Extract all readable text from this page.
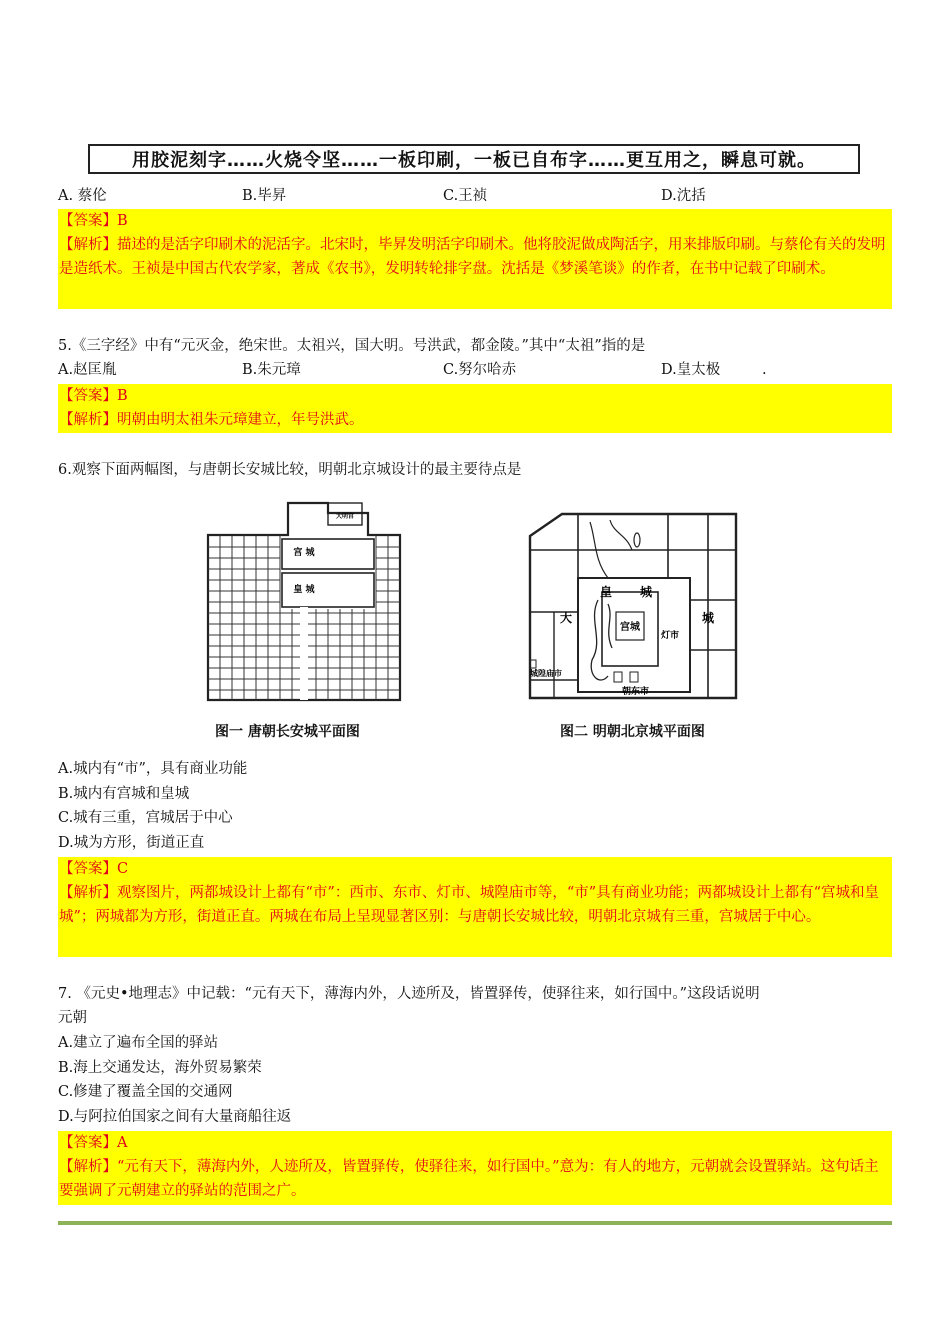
用胶泥刻字……火烧令坚……一板印刷，一板已自布字……更互用之，瞬息可就。
A. 蔡伦	B.毕昇	C.王祯	D.沈括

【答案】B

【解析】描述的是活字印刷术的泥活字。北宋时，毕昇发明活字印刷术。他将胶泥做成陶活字，用来排版印刷。与蔡伦有关的发明是造纸术。王祯是中国古代农学家，著成《农书》，发明转轮排字盘。沈括是《梦溪笔谈》的作者，在书中记载了印刷术。

5.《三字经》中有“元灭金，绝宋世。太祖兴，国大明。号洪武，都金陵。”其中“太祖”指的是
A.赵匡胤	B.朱元璋	C.努尔哈赤	D.皇太极	.

【答案】B

【解析】明朝由明太祖朱元璋建立，年号洪武。

6.观察下面两幅图，与唐朝长安城比较，明朝北京城设计的最主要待点是
宫 城
皇 城
大明宫
图一 唐朝长安城平面图
皇 城
大	城
宫城
灯市
城隍庙市
朝东市
图二 明朝北京城平面图
A.城内有“市”，具有商业功能
B.城内有宫城和皇城
C.城有三重，宫城居于中心
D.城为方形，街道正直

【答案】C

【解析】观察图片，两都城设计上都有“市”：西市、东市、灯市、城隍庙市等，“市”具有商业功能；两都城设计上都有“宫城和皇城”；两城都为方形，街道正直。两城在布局上呈现显著区别：与唐朝长安城比较，明朝北京城有三重，宫城居于中心。

7. 《元史•地理志》中记载：“元有天下，薄海内外，人迹所及，皆置驿传，使驿往来，如行国中。”这段话说明
元朝
A.建立了遍布全国的驿站
B.海上交通发达，海外贸易繁荣
C.修建了覆盖全国的交通网
D.与阿拉伯国家之间有大量商船往返

【答案】A

【解析】“元有天下，薄海内外，人迹所及，皆置驿传，使驿往来，如行国中。”意为：有人的地方，元朝就会设置驿站。这句话主要强调了元朝建立的驿站的范围之广。
